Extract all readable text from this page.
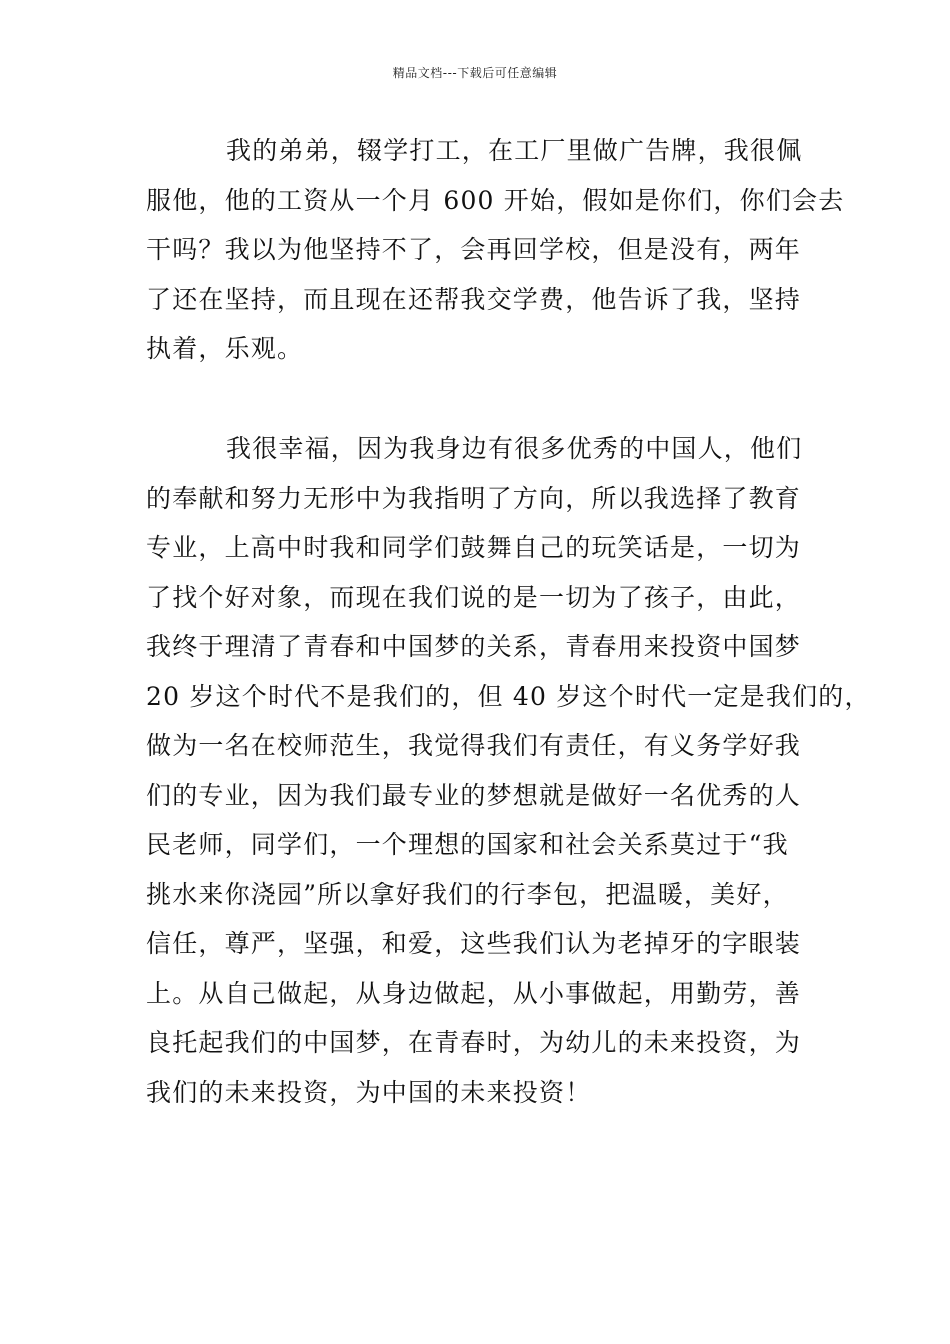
精品文档---下载后可任意编辑
我的弟弟，辍学打工，在工厂里做广告牌，我很佩
服他，他的工资从一个月 600 开始，假如是你们，你们会去
干吗？我以为他坚持不了，会再回学校，但是没有，两年
了还在坚持，而且现在还帮我交学费，他告诉了我，坚持
执着，乐观。
我很幸福，因为我身边有很多优秀的中国人，他们
的奉献和努力无形中为我指明了方向，所以我选择了教育
专业，上高中时我和同学们鼓舞自己的玩笑话是，一切为
了找个好对象，而现在我们说的是一切为了孩子，由此，
我终于理清了青春和中国梦的关系，青春用来投资中国梦
20 岁这个时代不是我们的，但 40 岁这个时代一定是我们的，
做为一名在校师范生，我觉得我们有责任，有义务学好我
们的专业，因为我们最专业的梦想就是做好一名优秀的人
民老师，同学们，一个理想的国家和社会关系莫过于“我
挑水来你浇园”所以拿好我们的行李包，把温暖，美好，
信任，尊严，坚强，和爱，这些我们认为老掉牙的字眼装
上。从自己做起，从身边做起，从小事做起，用勤劳，善
良托起我们的中国梦，在青春时，为幼儿的未来投资，为
我们的未来投资，为中国的未来投资！
